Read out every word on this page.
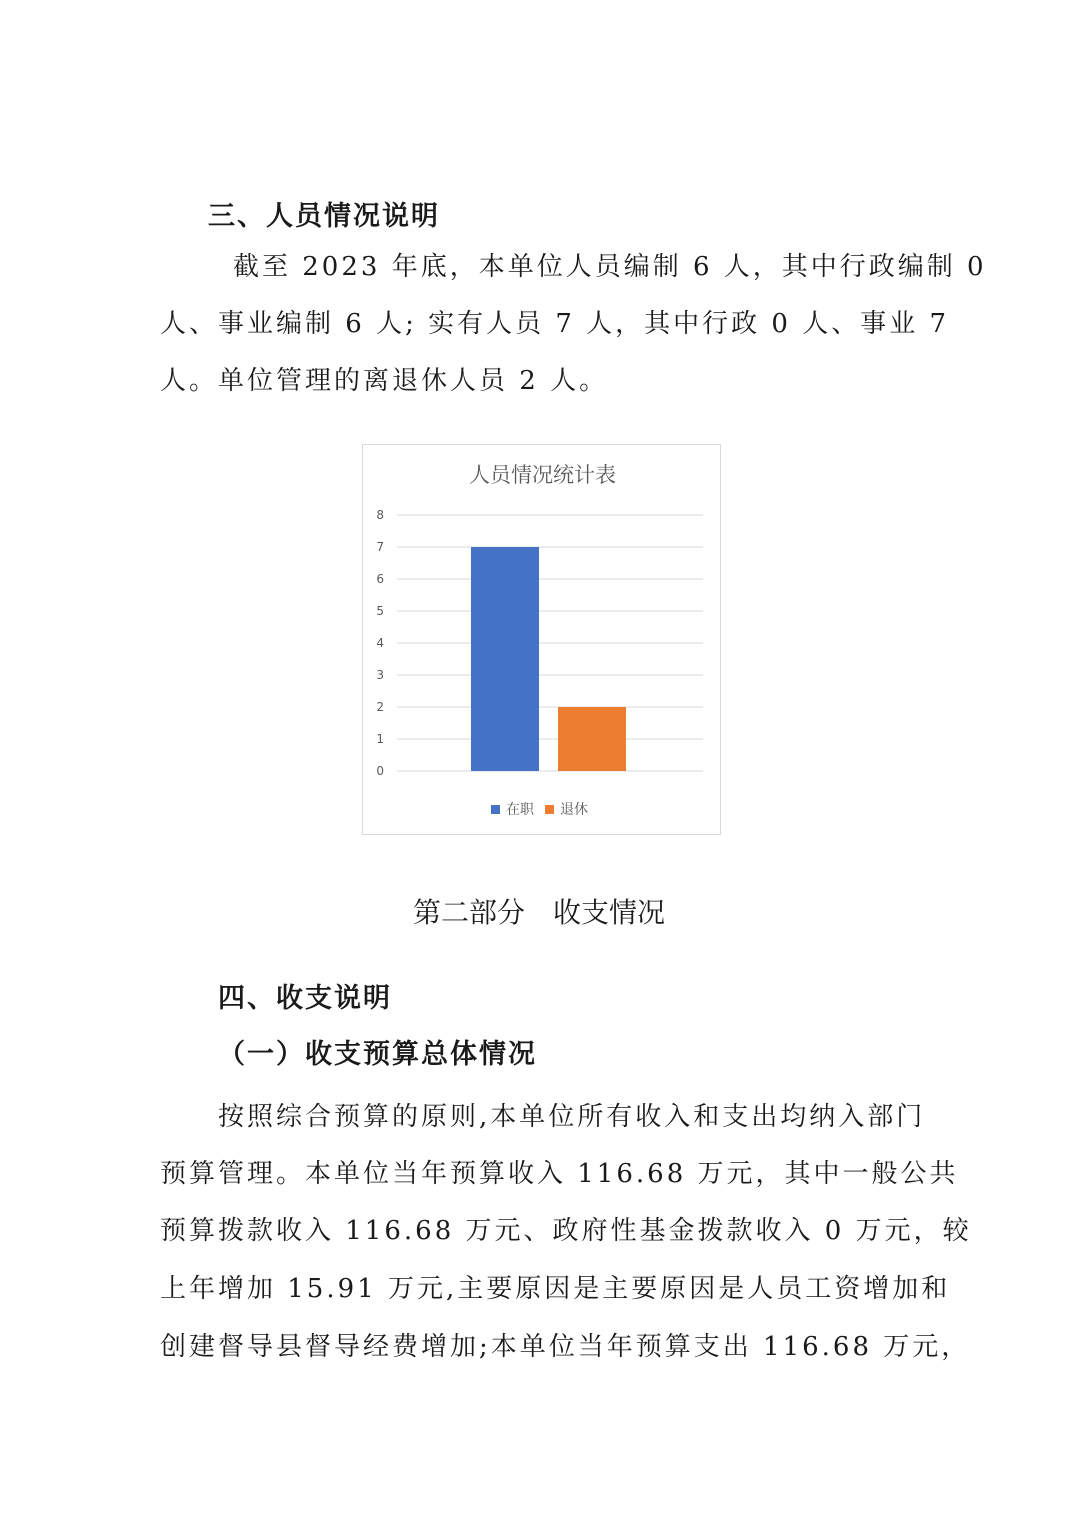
三、人员情况说明
截至 2023 年底，本单位人员编制 6 人，其中行政编制 0
人、事业编制 6 人; 实有人员 7 人，其中行政 0 人、事业 7
人。单位管理的离退休人员 2 人。
人员情况统计表
0
1
2
3
4
5
6
7
8
在职 退休
第二部分　收支情况
四、收支说明
（一）收支预算总体情况
按照综合预算的原则,本单位所有收入和支出均纳入部门
预算管理。本单位当年预算收入 116.68 万元，其中一般公共
预算拨款收入 116.68 万元、政府性基金拨款收入 0 万元，较
上年增加 15.91 万元,主要原因是主要原因是人员工资增加和
创建督导县督导经费增加;本单位当年预算支出 116.68 万元，
